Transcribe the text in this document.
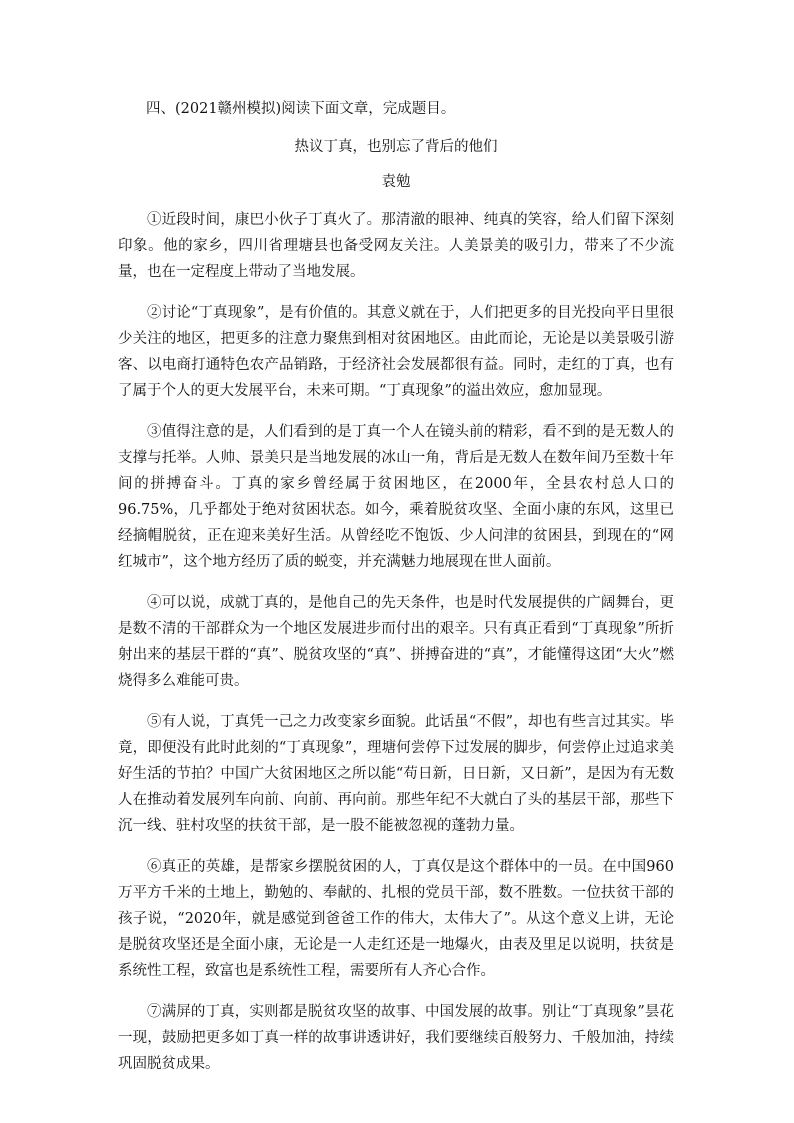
四、(2021赣州模拟)阅读下面文章，完成题目。
热议丁真，也别忘了背后的他们
袁勉

①近段时间，康巴小伙子丁真火了。那清澈的眼神、纯真的笑容，给人们留下深刻印象。他的家乡，四川省理塘县也备受网友关注。人美景美的吸引力，带来了不少流量，也在一定程度上带动了当地发展。

②讨论“丁真现象”，是有价值的。其意义就在于，人们把更多的目光投向平日里很少关注的地区，把更多的注意力聚焦到相对贫困地区。由此而论，无论是以美景吸引游客、以电商打通特色农产品销路，于经济社会发展都很有益。同时，走红的丁真，也有了属于个人的更大发展平台，未来可期。“丁真现象”的溢出效应，愈加显现。

③值得注意的是，人们看到的是丁真一个人在镜头前的精彩，看不到的是无数人的支撑与托举。人帅、景美只是当地发展的冰山一角，背后是无数人在数年间乃至数十年间的拼搏奋斗。丁真的家乡曾经属于贫困地区，在2000年，全县农村总人口的96.75%，几乎都处于绝对贫困状态。如今，乘着脱贫攻坚、全面小康的东风，这里已经摘帽脱贫，正在迎来美好生活。从曾经吃不饱饭、少人问津的贫困县，到现在的“网红城市”，这个地方经历了质的蜕变，并充满魅力地展现在世人面前。

④可以说，成就丁真的，是他自己的先天条件，也是时代发展提供的广阔舞台，更是数不清的干部群众为一个地区发展进步而付出的艰辛。只有真正看到“丁真现象”所折射出来的基层干群的“真”、脱贫攻坚的“真”、拼搏奋进的“真”，才能懂得这团“大火”燃烧得多么难能可贵。

⑤有人说，丁真凭一己之力改变家乡面貌。此话虽“不假”，却也有些言过其实。毕竟，即便没有此时此刻的“丁真现象”，理塘何尝停下过发展的脚步，何尝停止过追求美好生活的节拍？中国广大贫困地区之所以能“苟日新，日日新，又日新”，是因为有无数人在推动着发展列车向前、向前、再向前。那些年纪不大就白了头的基层干部，那些下沉一线、驻村攻坚的扶贫干部，是一股不能被忽视的蓬勃力量。

⑥真正的英雄，是帮家乡摆脱贫困的人，丁真仅是这个群体中的一员。在中国960万平方千米的土地上，勤勉的、奉献的、扎根的党员干部，数不胜数。一位扶贫干部的孩子说，“2020年，就是感觉到爸爸工作的伟大，太伟大了”。从这个意义上讲，无论是脱贫攻坚还是全面小康，无论是一人走红还是一地爆火，由表及里足以说明，扶贫是系统性工程，致富也是系统性工程，需要所有人齐心合作。

⑦满屏的丁真，实则都是脱贫攻坚的故事、中国发展的故事。别让“丁真现象”昙花一现，鼓励把更多如丁真一样的故事讲透讲好，我们要继续百般努力、千般加油，持续巩固脱贫成果。
